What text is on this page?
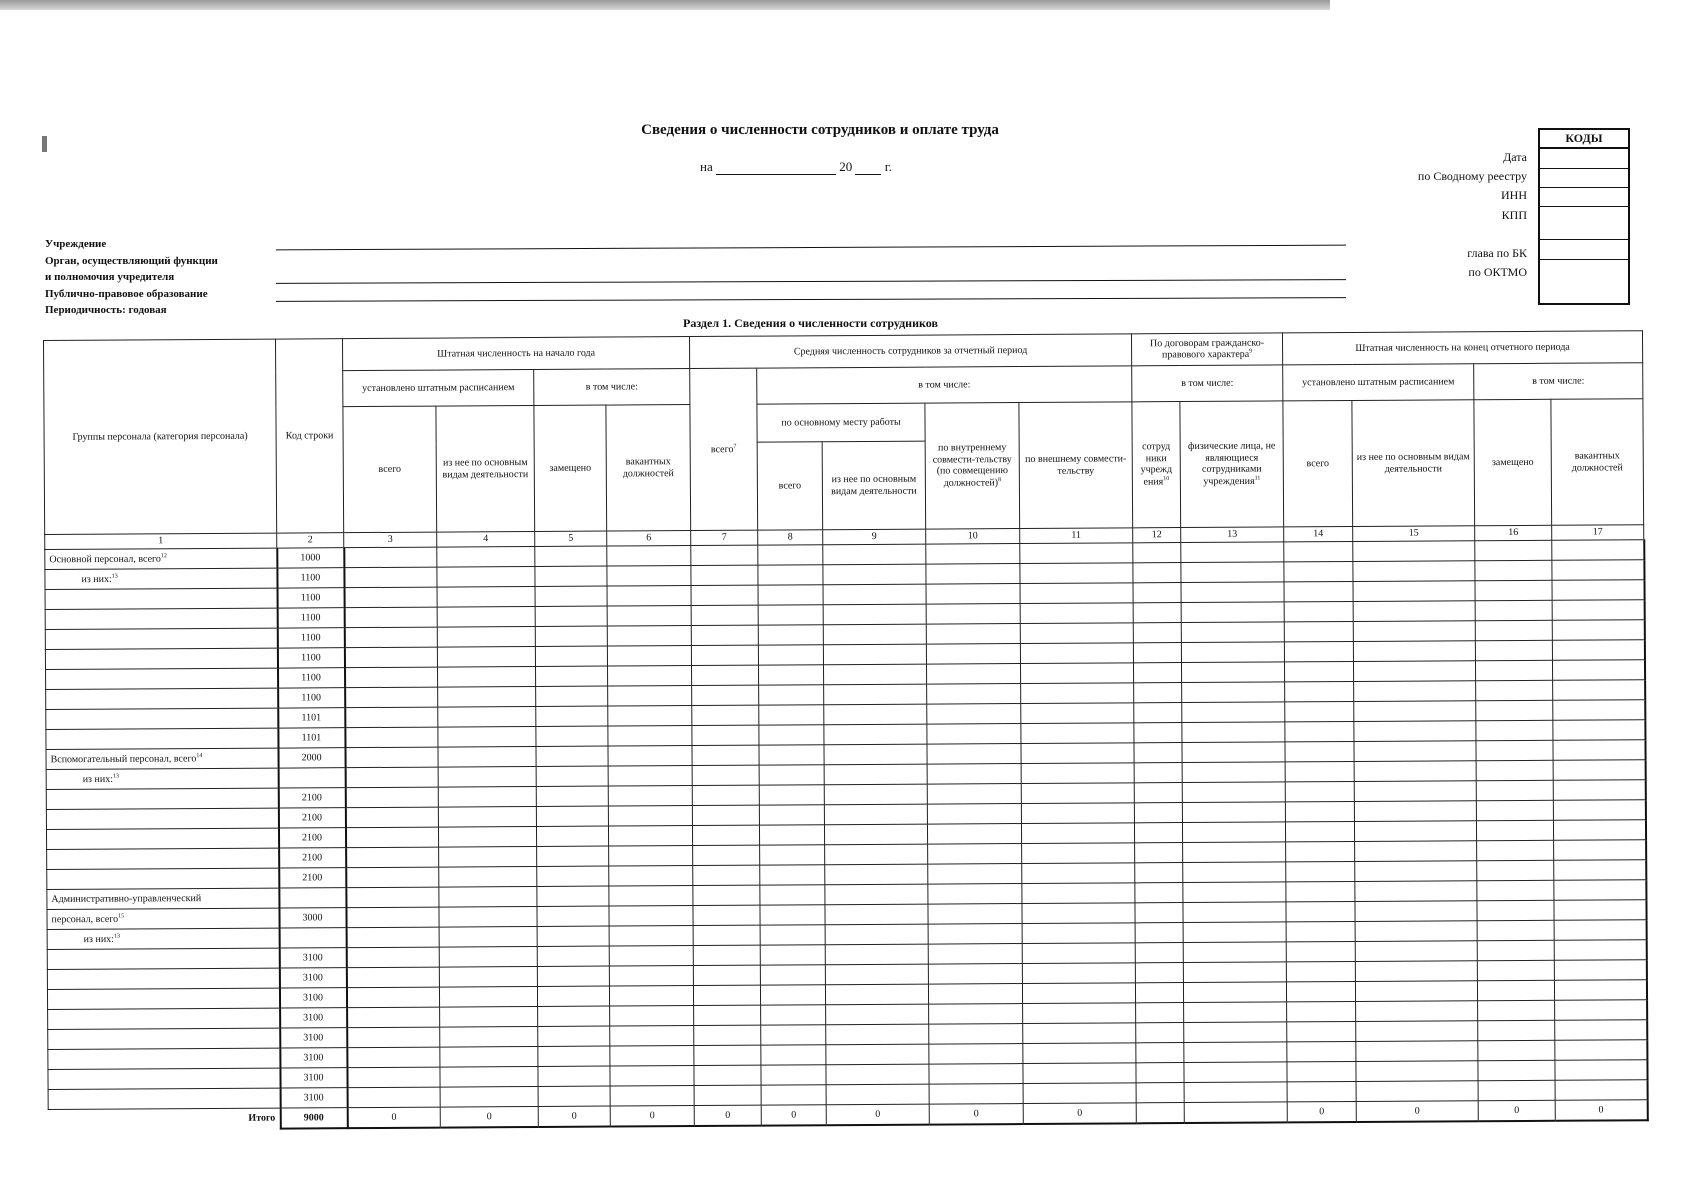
Сведения о численности сотрудников и оплате труда
на	20	г.
КОДЫ
Дата
по Сводному реестру
ИНН
КПП
глава по БК
по ОКТМО
Учреждение
Орган, осуществляющий функции
и полномочия учредителя
Публично-правовое образование
Периодичность: годовая
Раздел 1. Сведения о численности сотрудников
Группы персонала (категория персонала)	Код строки	Штатная численность на начало года				Средняя численность сотрудников за отчетный период					По договорам гражданско-правового характера$^9$		Штатная численность на конец отчетного периода			
		установлено штатным расписанием		в том числе:		всего$^7$	в том числе:				в том числе:		установлено штатным расписанием		в том числе:	
		всего	из нее по основным видам деятельности	замещено	вакантных должностей		по основному месту работы		по внутреннему совмести-тельству (по совмещению должностей)$^8$	по внешнему совмести-тельству	сотруд ники учрежд ения$^{10}$	физические лица, не являющиеся сотрудниками учреждения$^{11}$	всего	из нее по основным видам деятельности	замещено	вакантных должностей
							всего	из нее по основным видам деятельности								
1	2	3	4	5	6	7	8	9	10	11	12	13	14	15	16	17
Основной персонал, всего$^{12}$	1000															
из них:$^{13}$	1100															
	1100															
	1100															
	1100															
	1100															
	1100															
	1100															
	1101															
	1101															
Вспомогательный персонал, всего$^{14}$	2000															
из них:$^{13}$																
	2100															
	2100															
	2100															
	2100															
	2100															
Административно-управленческий																
персонал, всего$^{15}$	3000															
из них:$^{13}$																
	3100															
	3100															
	3100															
	3100															
	3100															
	3100															
	3100															
	3100															
Итого	9000	0	0	0	0	0	0	0	0	0			0	0	0	0
